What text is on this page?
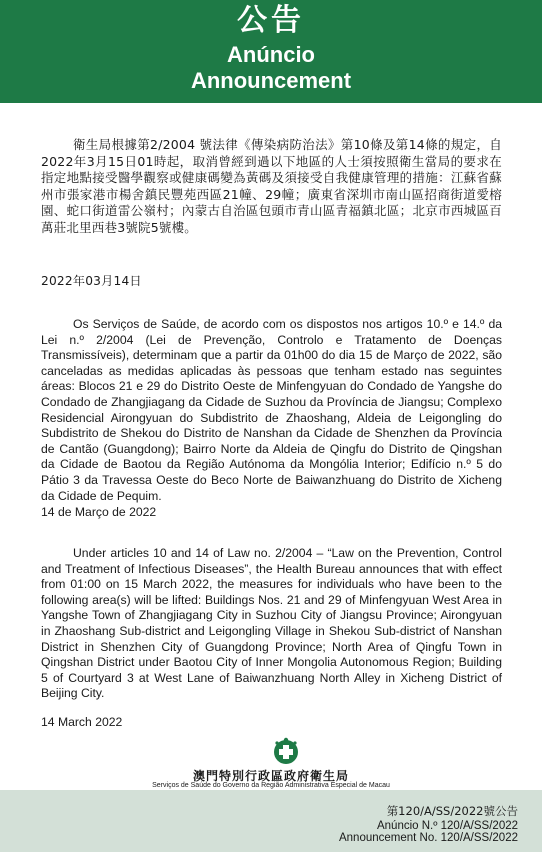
公告
Anúncio
Announcement

衛生局根據第2/2004 號法律《傳染病防治法》第10條及第14條的規定，自2022年3月15日01時起，取消曾經到過以下地區的人士須按照衛生當局的要求在指定地點接受醫學觀察或健康碼變為黃碼及須接受自我健康管理的措施：江蘇省蘇州市張家港市楊舍鎮民豐苑西區21幢、29幢；廣東省深圳市南山區招商街道愛榕園、蛇口街道雷公嶺村；內蒙古自治區包頭市青山區青福鎮北區；北京市西城區百萬莊北里西巷3號院5號樓。

2022年03月14日

Os Serviços de Saúde, de acordo com os dispostos nos artigos 10.º e 14.º da Lei n.º 2/2004 (Lei de Prevenção, Controlo e Tratamento de Doenças Transmissíveis), determinam que a partir da 01h00 do dia 15 de Março de 2022, são canceladas as medidas aplicadas às pessoas que tenham estado nas seguintes áreas: Blocos 21 e 29 do Distrito Oeste de Minfengyuan do Condado de Yangshe do Condado de Zhangjiagang da Cidade de Suzhou da Província de Jiangsu; Complexo Residencial Airongyuan do Subdistrito de Zhaoshang, Aldeia de Leigongling do Subdistrito de Shekou do Distrito de Nanshan da Cidade de Shenzhen da Província de Cantão (Guangdong); Bairro Norte da Aldeia de Qingfu do Distrito de Qingshan da Cidade de Baotou da Região Autónoma da Mongólia Interior; Edifício n.º 5 do Pátio 3 da Travessa Oeste do Beco Norte de Baiwanzhuang do Distrito de Xicheng da Cidade de Pequim.

14 de Março de 2022

Under articles 10 and 14 of Law no. 2/2004 – “Law on the Prevention, Control and Treatment of Infectious Diseases”, the Health Bureau announces that with effect from 01:00 on 15 March 2022, the measures for individuals who have been to the following area(s) will be lifted: Buildings Nos. 21 and 29 of Minfengyuan West Area in Yangshe Town of Zhangjiagang City in Suzhou City of Jiangsu Province; Airongyuan in Zhaoshang Sub-district and Leigongling Village in Shekou Sub-district of Nanshan District in Shenzhen City of Guangdong Province; North Area of Qingfu Town in Qingshan District under Baotou City of Inner Mongolia Autonomous Region; Building 5 of Courtyard 3 at West Lane of Baiwanzhuang North Alley in Xicheng District of Beijing City.

14 March 2022

澳門特別行政區政府衛生局
Serviços de Saúde do Governo da Região Administrativa Especial de Macau
第120/A/SS/2022號公告
Anúncio N.º 120/A/SS/2022
Announcement No. 120/A/SS/2022
